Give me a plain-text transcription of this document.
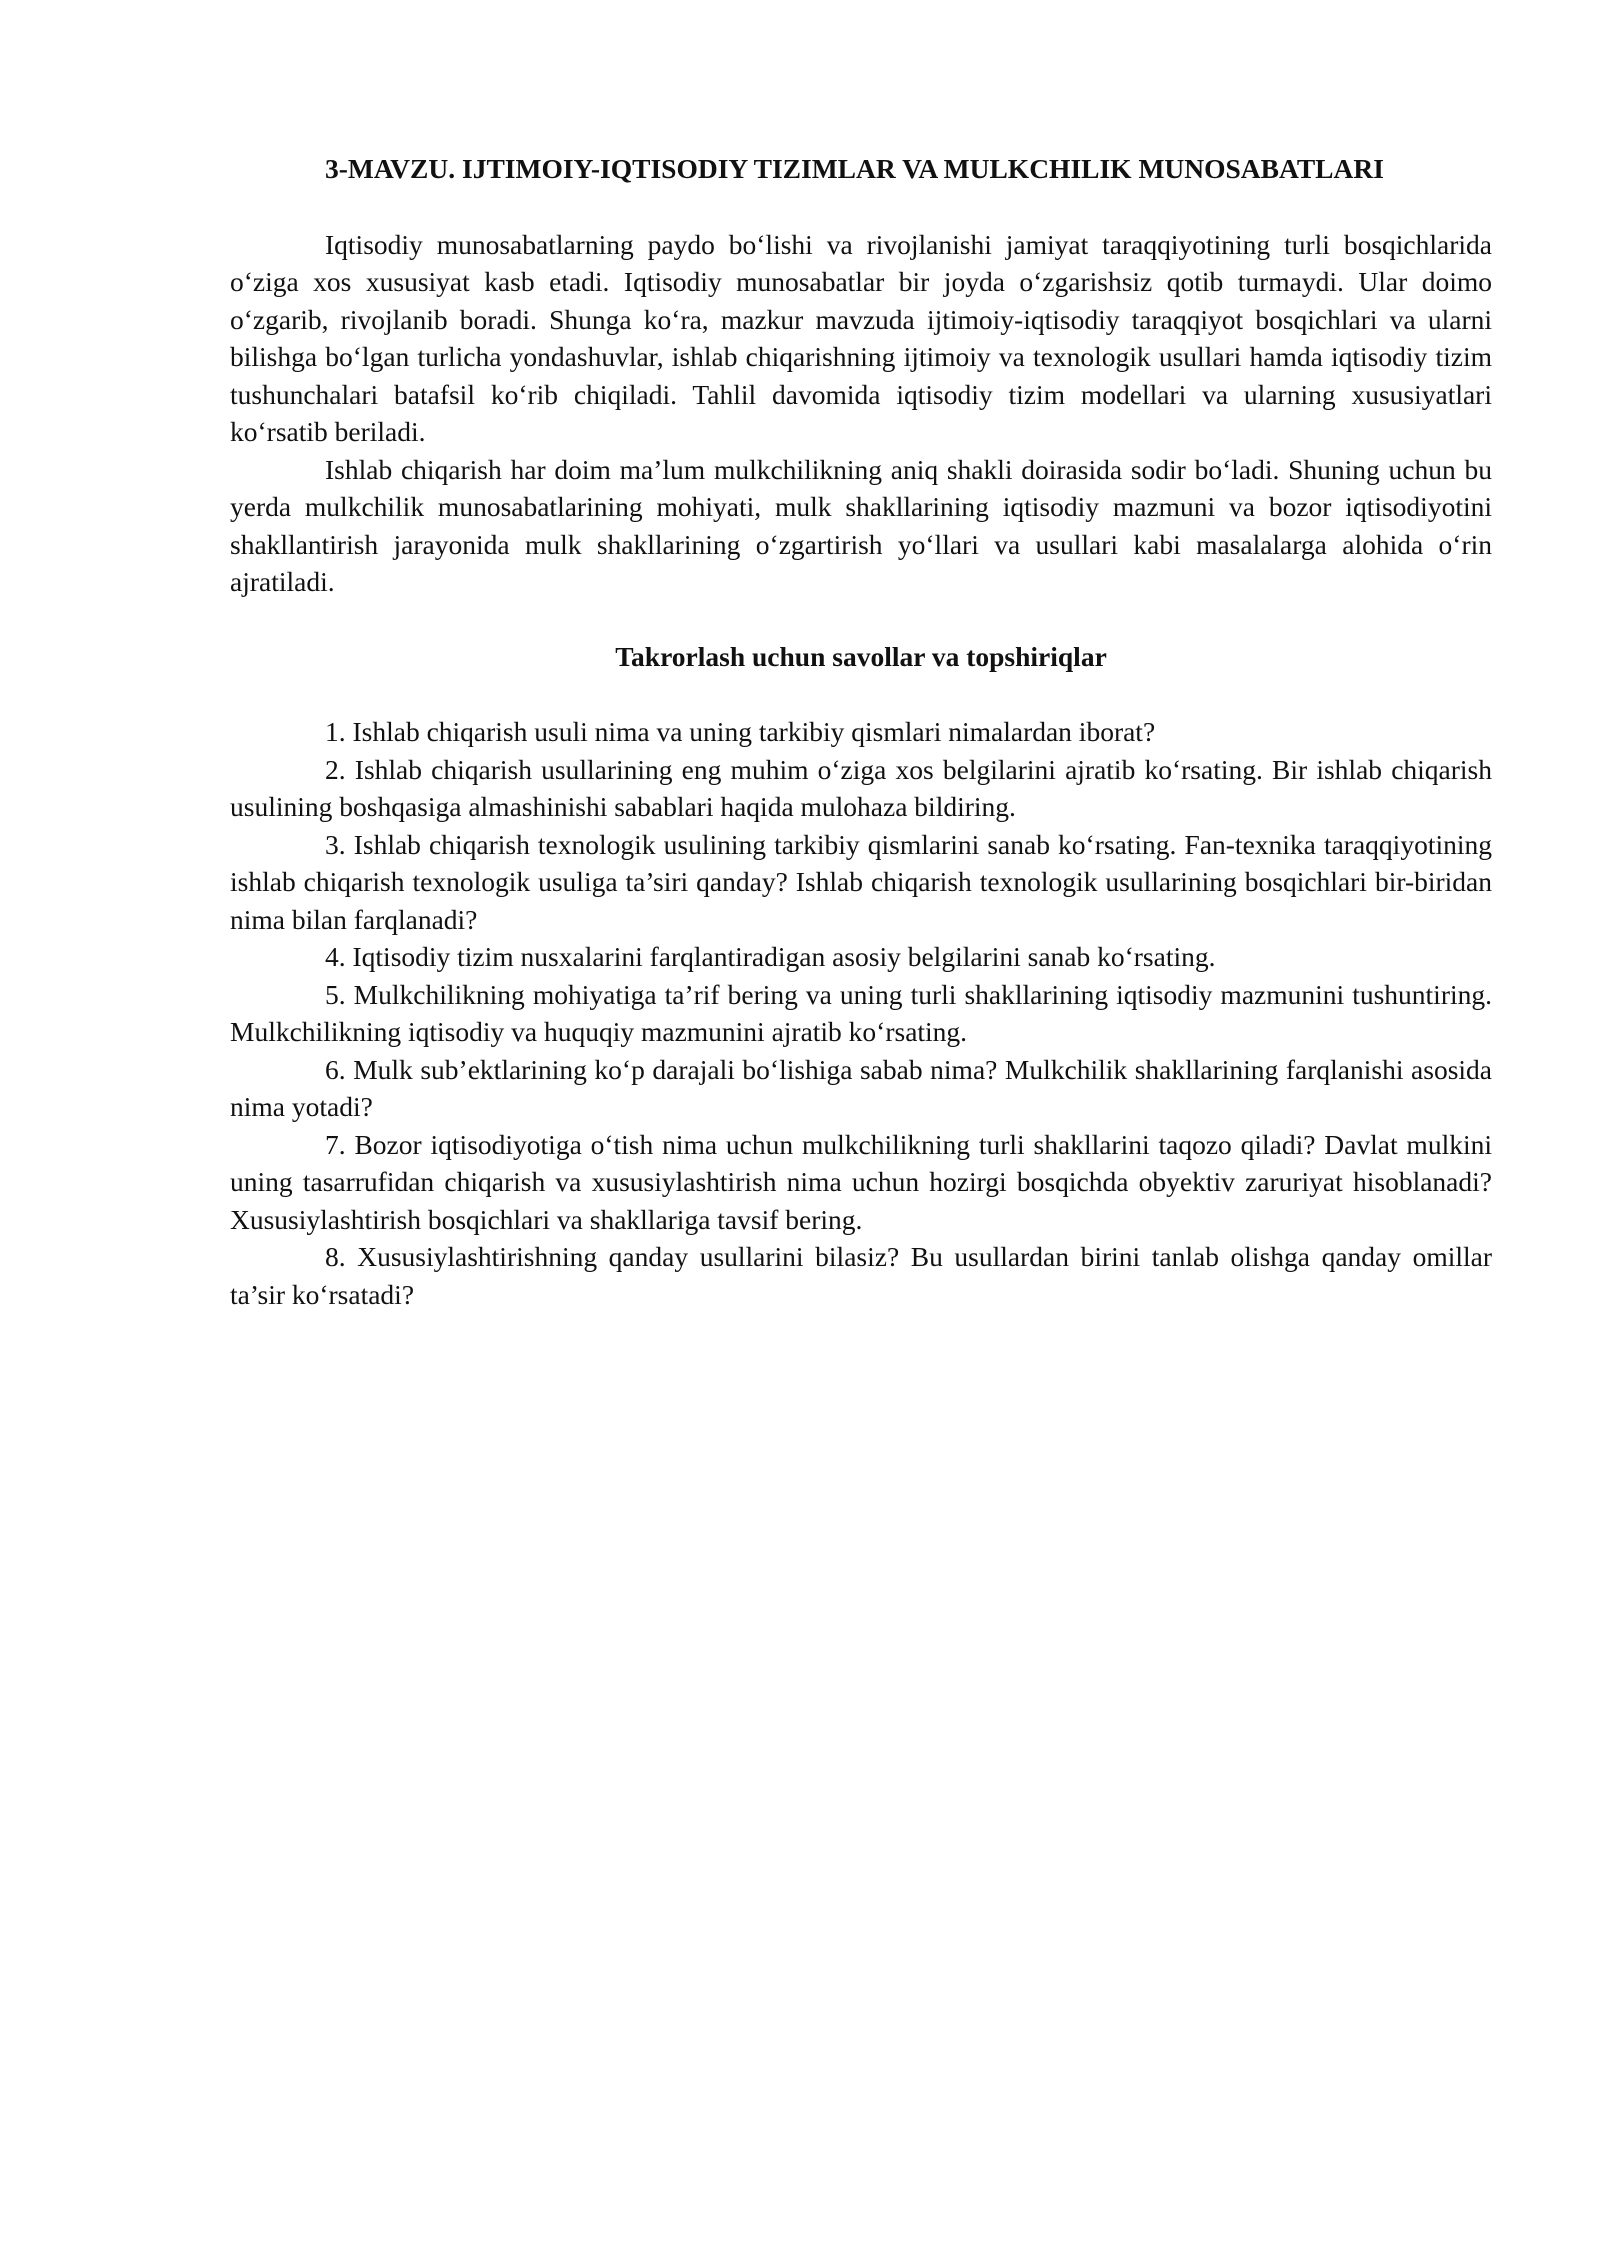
3-MAVZU. IJTIMOIY-IQTISODIY TIZIMLAR VA MULKCHILIK MUNOSABATLARI

Iqtisodiy munosabatlarning paydo bo‘lishi va rivojlanishi jamiyat taraqqiyotining turli bosqichlarida o‘ziga xos xususiyat kasb etadi. Iqtisodiy munosabatlar bir joyda o‘zgarishsiz qotib turmaydi. Ular doimo o‘zgarib, rivojlanib boradi. Shunga ko‘ra, mazkur mavzuda ijtimoiy-iqtisodiy taraqqiyot bosqichlari va ularni bilishga bo‘lgan turlicha yondashuvlar, ishlab chiqarishning ijtimoiy va texnologik usullari hamda iqtisodiy tizim tushunchalari batafsil ko‘rib chiqiladi. Tahlil davomida iqtisodiy tizim modellari va ularning xususiyatlari ko‘rsatib beriladi.

Ishlab chiqarish har doim ma’lum mulkchilikning aniq shakli doirasida sodir bo‘ladi. Shuning uchun bu yerda mulkchilik munosabatlarining mohiyati, mulk shakllarining iqtisodiy mazmuni va bozor iqtisodiyotini shakllantirish jarayonida mulk shakllarining o‘zgartirish yo‘llari va usullari kabi masalalarga alohida o‘rin ajratiladi.

Takrorlash uchun savollar va topshiriqlar

1. Ishlab chiqarish usuli nima va uning tarkibiy qismlari nimalardan iborat?

2. Ishlab chiqarish usullarining eng muhim o‘ziga xos belgilarini ajratib ko‘rsating. Bir ishlab chiqarish usulining boshqasiga almashinishi sabablari haqida mulohaza bildiring.

3. Ishlab chiqarish texnologik usulining tarkibiy qismlarini sanab ko‘rsating. Fan-texnika taraqqiyotining ishlab chiqarish texnologik usuliga ta’siri qanday? Ishlab chiqarish texnologik usullarining bosqichlari bir-biridan nima bilan farqlanadi?

4. Iqtisodiy tizim nusxalarini farqlantiradigan asosiy belgilarini sanab ko‘rsating.

5. Mulkchilikning mohiyatiga ta’rif bering va uning turli shakllarining iqtisodiy mazmunini tushuntiring. Mulkchilikning iqtisodiy va huquqiy mazmunini ajratib ko‘rsating.

6. Mulk sub’ektlarining ko‘p darajali bo‘lishiga sabab nima? Mulkchilik shakllarining farqlanishi asosida nima yotadi?

7. Bozor iqtisodiyotiga o‘tish nima uchun mulkchilikning turli shakllarini taqozo qiladi? Davlat mulkini uning tasarrufidan chiqarish va xususiylashtirish nima uchun hozirgi bosqichda obyektiv zaruriyat hisoblanadi? Xususiylashtirish bosqichlari va shakllariga tavsif bering.

8. Xususiylashtirishning qanday usullarini bilasiz? Bu usullardan birini tanlab olishga qanday omillar ta’sir ko‘rsatadi?
